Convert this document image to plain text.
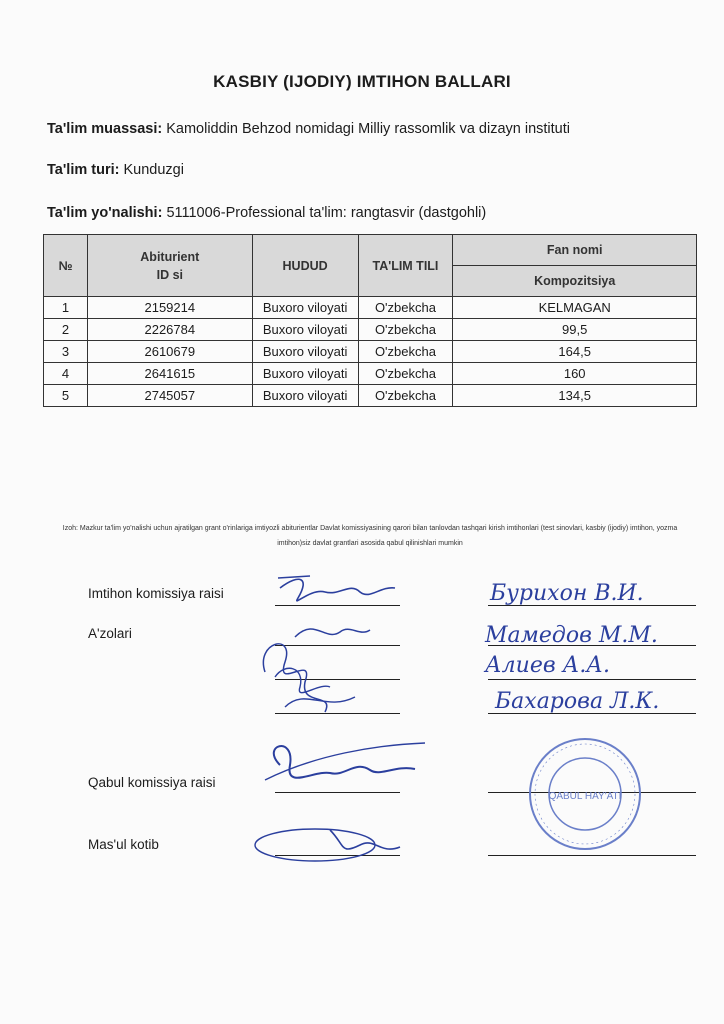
KASBIY (IJODIY) IMTIHON BALLARI
Ta'lim muassasi: Kamoliddin Behzod nomidagi Milliy rassomlik va dizayn instituti
Ta'lim turi: Kunduzgi
Ta'lim yo'nalishi: 5111006-Professional ta'lim: rangtasvir (dastgohli)
№	Abiturient ID si	HUDUD	TA'LIM TILI	Fan nomi
				Kompozitsiya
1	2159214	Buxoro viloyati	O'zbekcha	KELMAGAN
2	2226784	Buxoro viloyati	O'zbekcha	99,5
3	2610679	Buxoro viloyati	O'zbekcha	164,5
4	2641615	Buxoro viloyati	O'zbekcha	160
5	2745057	Buxoro viloyati	O'zbekcha	134,5
Izoh: Mazkur ta'lim yo'nalishi uchun ajratilgan grant o'rinlariga imtiyozli abiturientlar Davlat komissiyasining qarori bilan tanlovdan tashqari kirish imtihonlari (test sinovlari, kasbiy (ijodiy) imtihon, yozma imtihon)siz davlat grantlari asosida qabul qilinishlari mumkin
Imtihon komissiya raisi
A'zolari
Qabul komissiya raisi
Mas'ul kotib
Бурихон В.И.
Мамедов М.М.
Алиев А.А.
Бахарова Л.К.
QABUL HAY'ATI
